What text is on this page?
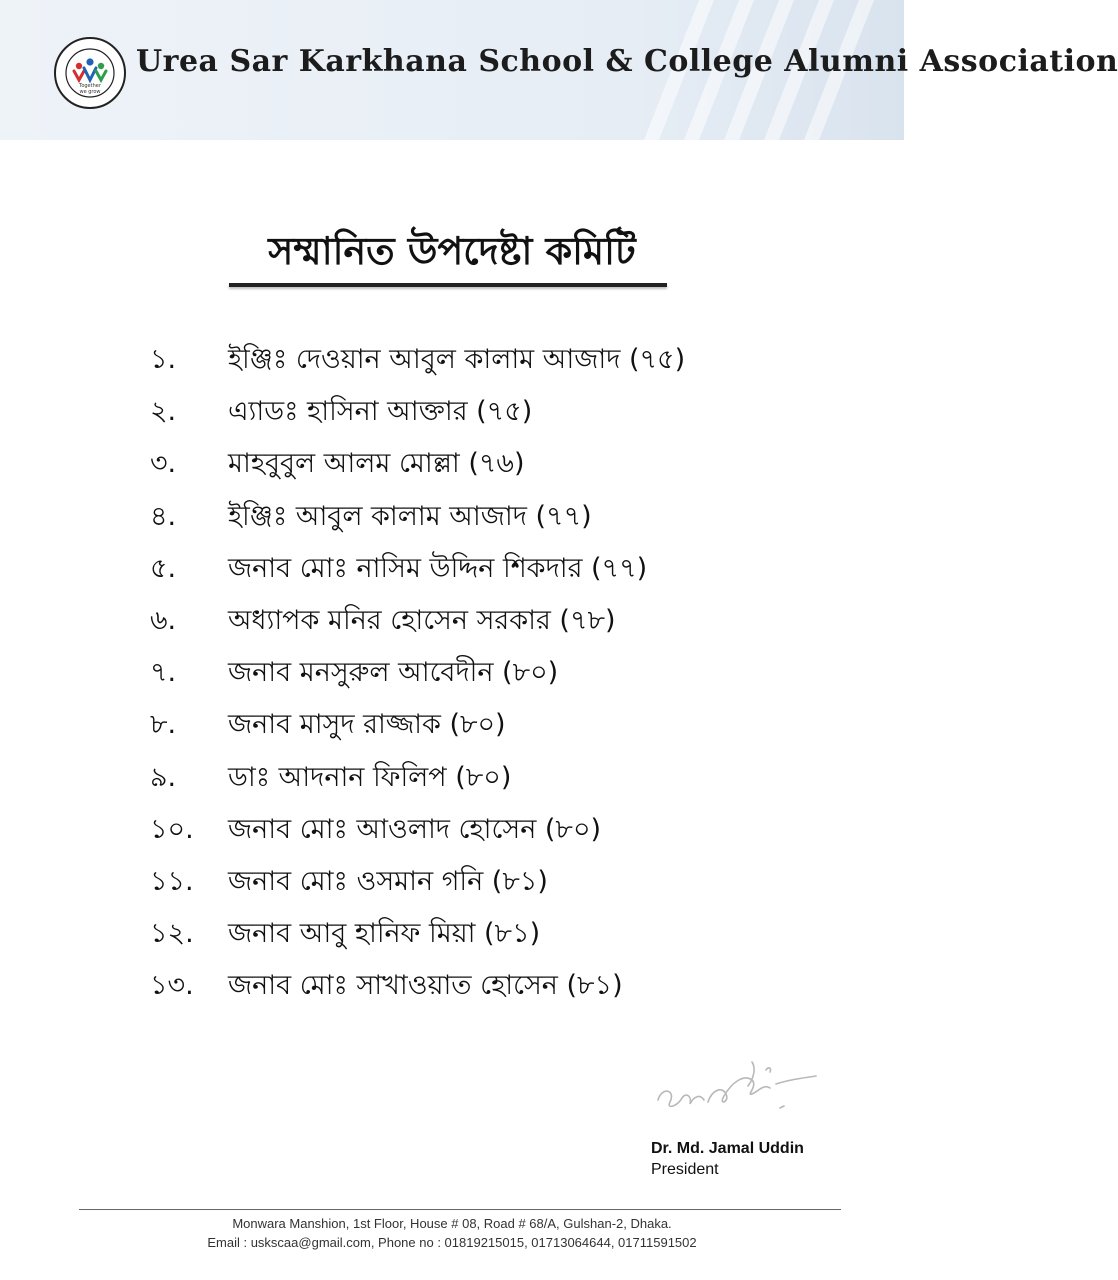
Together
we grow
Urea Sar Karkhana School & College Alumni Association
সম্মানিত উপদেষ্টা কমিটি
১. ইঞ্জিঃ দেওয়ান আবুল কালাম আজাদ (৭৫)
২. এ্যাডঃ হাসিনা আক্তার (৭৫)
৩. মাহবুবুল আলম মোল্লা (৭৬)
৪. ইঞ্জিঃ আবুল কালাম আজাদ (৭৭)
৫. জনাব মোঃ নাসিম উদ্দিন শিকদার (৭৭)
৬. অধ্যাপক মনির হোসেন সরকার (৭৮)
৭. জনাব মনসুরুল আবেদীন (৮০)
৮. জনাব মাসুদ রাজ্জাক (৮০)
৯. ডাঃ আদনান ফিলিপ (৮০)
১০. জনাব মোঃ আওলাদ হোসেন (৮০)
১১. জনাব মোঃ ওসমান গনি (৮১)
১২. জনাব আবু হানিফ মিয়া (৮১)
১৩. জনাব মোঃ সাখাওয়াত হোসেন (৮১)
Dr. Md. Jamal Uddin
President
Monwara Manshion, 1st Floor, House # 08, Road # 68/A, Gulshan-2, Dhaka.
Email : uskscaa@gmail.com, Phone no : 01819215015, 01713064644, 01711591502
